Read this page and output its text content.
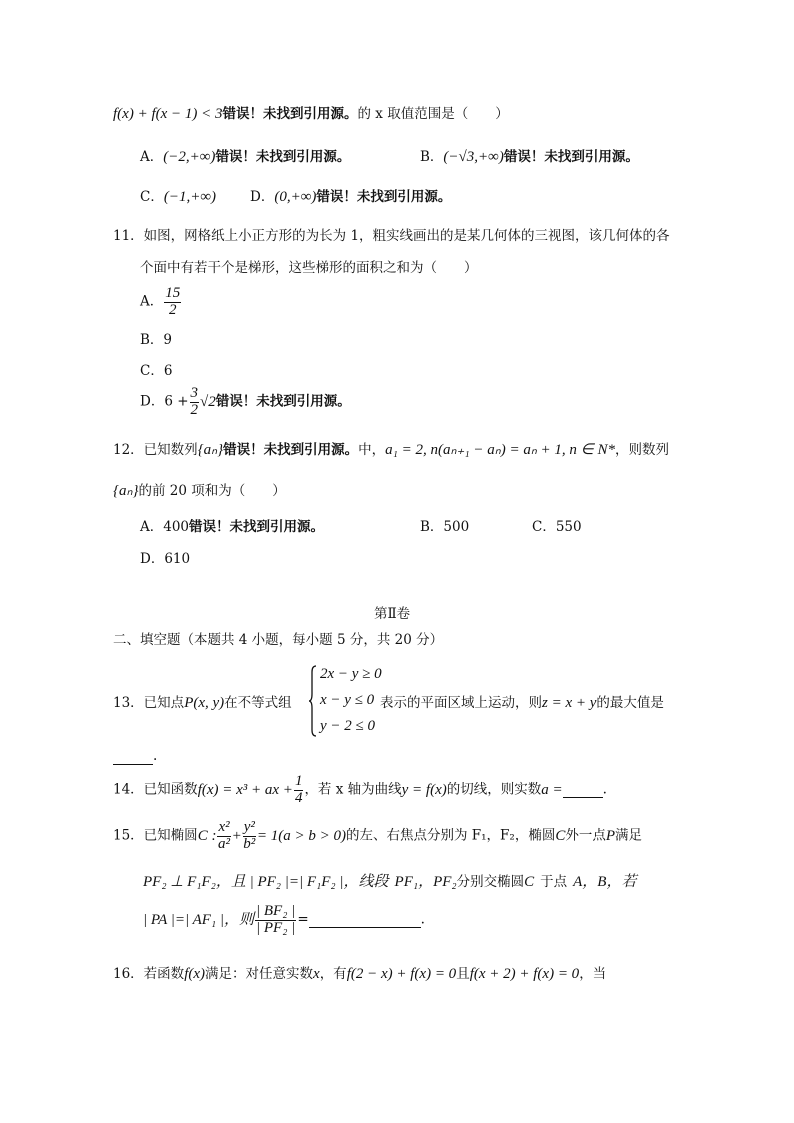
f(x) + f(x − 1) < 3错误！未找到引用源。的 x 取值范围是（　　）
A．(−2,+∞)错误！未找到引用源。	B．(−√3,+∞)错误！未找到引用源。
C．(−1,+∞)	D．(0,+∞)错误！未找到引用源。
11．如图，网格纸上小正方形的为长为 1，粗实线画出的是某几何体的三视图，该几何体的各
个面中有若干个是梯形，这些梯形的面积之和为（　　）
A． $\frac{15}{2}$
B．9
C．6
D．$6 + \frac{3}{2} √2$错误！未找到引用源。
12．已知数列{aₙ}错误！未找到引用源。中，a₁ = 2, n(aₙ₊₁ − aₙ) = aₙ + 1, n ∈ N*，则数列
{aₙ}的前 20 项和为（　　）
A．400错误！未找到引用源。	B．500	C．550
D．610
第Ⅱ卷
二、填空题（本题共 4 小题，每小题 5 分，共 20 分）
13．已知点P(x, y)在不等式组
2x − y ≥ 0
x − y ≤ 0
y − 2 ≤ 0
表示的平面区域上运动，则z = x + y的最大值是
.
14．已知函数f(x) = x³ + ax + $\frac{1}{4}$ ，若 x 轴为曲线y = f(x)的切线，则实数a =	.
15．已知椭圆C : $\frac{\text{x²}}{\text{a²}} + \frac{\text{y²}}{\text{b²}} = 1(a > b > 0)$的左、右焦点分别为 F₁，F₂，椭圆C外一点P满足
PF₂ ⊥ F₁F₂，且 | PF₂ |=| F₁F₂ |，线段 PF₁，PF₂分别交椭圆C 于点 A，B，若
| PA |=| AF₁ |，则 $\frac{\text{| BF₂ |}}{\text{| PF₂ |}}$ =	.
16．若函数f(x)满足：对任意实数x，有f(2 − x) + f(x) = 0且f(x + 2) + f(x) = 0，当
